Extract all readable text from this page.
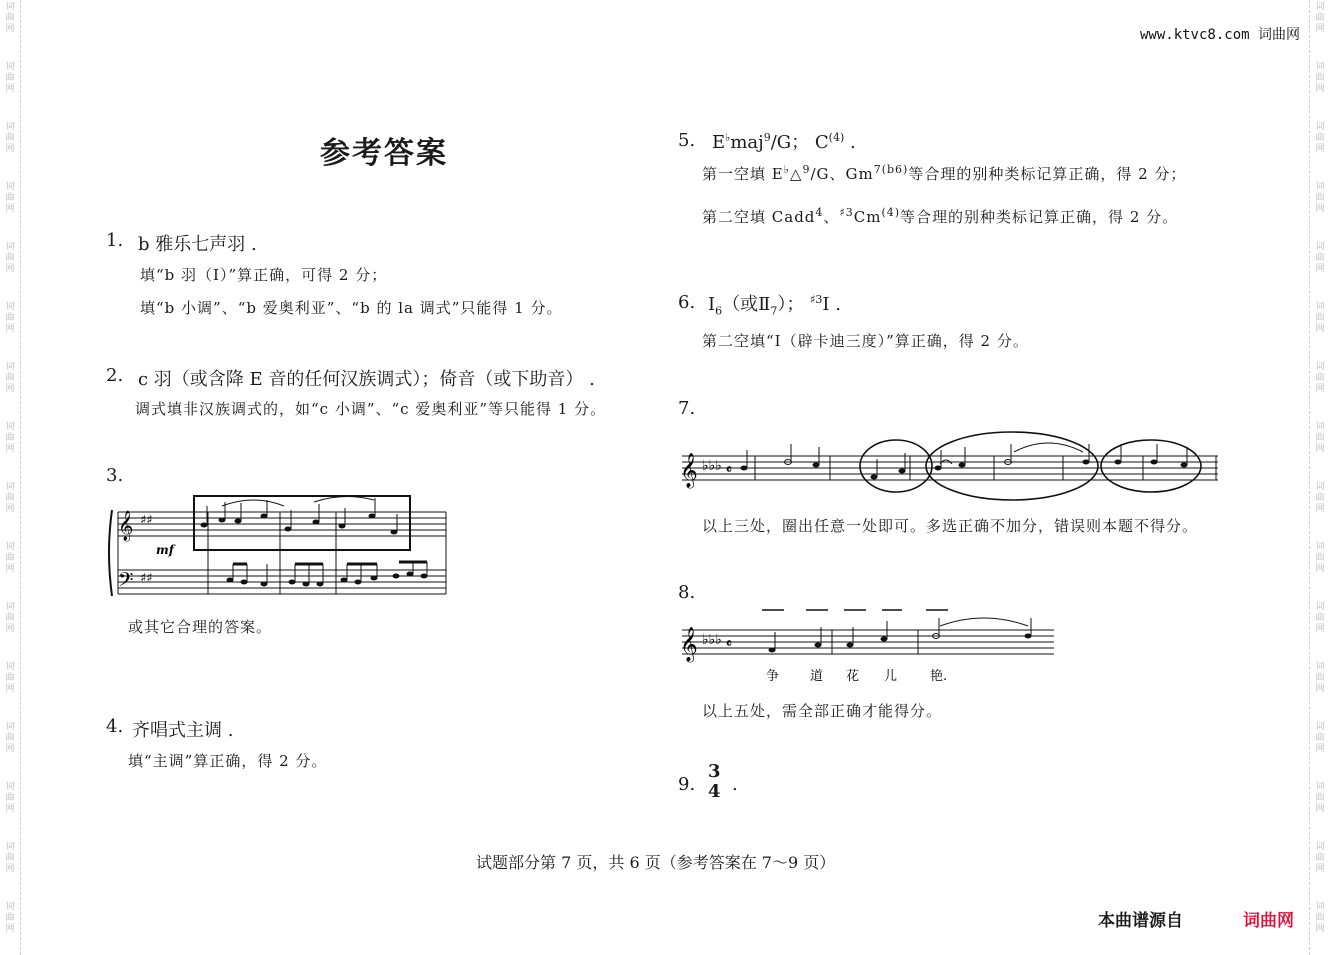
词
曲
网
词
曲
网
词
曲
网
词
曲
网
词
曲
网
词
曲
网
词
曲
网
词
曲
网
词
曲
网
词
曲
网
词
曲
网
词
曲
网
词
曲
网
词
曲
网
词
曲
网
词
曲
网
词
曲
网
词
曲
网
词
曲
网
词
曲
网
词
曲
网
词
曲
网
词
曲
网
词
曲
网
词
曲
网
词
曲
网
词
曲
网
词
曲
网
词
曲
网
词
曲
网
词
曲
网
词
曲
网
www.ktvc8.com 词曲网
参考答案
1. b 雅乐七声羽 .
填“b 羽（Ⅰ）”算正确，可得 2 分；
填“b 小调”、“b 爱奥利亚”、“b 的 la 调式”只能得 1 分。
2. c 羽（或含降 E 音的任何汉族调式）；倚音（或下助音） .
调式填非汉族调式的，如“c 小调”、“c 爱奥利亚”等只能得 1 分。
3.
𝄞
𝄢
♯♯
♯♯
mf
或其它合理的答案。
4. 齐唱式主调 .
填“主调”算正确，得 2 分。
5. E♭maj$^9$/G； $C^{(4)}$ .
第一空填 E♭△$^9$/G、$Gm^{7(b6)}$等合理的别种类标记算正确，得 2 分；
第二空填 Cadd$^4$、$^{♯3}$Cm$^{(4)}$等合理的别种类标记算正确，得 2 分。
6. $Ⅰ_6$（或$Ⅱ_7$）； $^{♯3}$Ⅰ .
第二空填“Ⅰ（辟卡迪三度）”算正确，得 2 分。
7.
𝄞 ♭♭♭ 𝄴
以上三处，圈出任意一处即可。多选正确不加分，错误则本题不得分。
8.
𝄞 ♭♭♭ 𝄴
争 道 花 儿	艳.
以上五处，需全部正确才能得分。
9.
3
4 .
试题部分第 7 页，共 6 页（参考答案在 7～9 页）
本曲谱源自	词曲网
